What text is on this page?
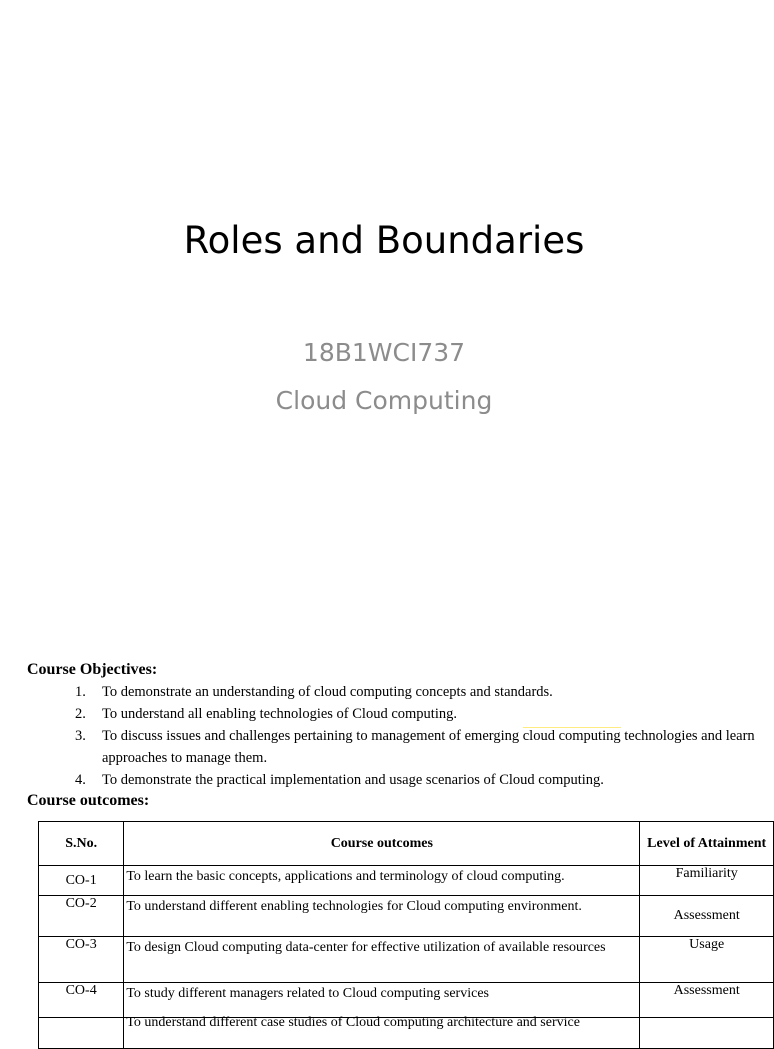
Roles and Boundaries
18B1WCI737
Cloud Computing
Course Objectives:
1. To demonstrate an understanding of cloud computing concepts and standards.
2. To understand all enabling technologies of Cloud computing.
3. To discuss issues and challenges pertaining to management of emerging cloud computing technologies and learn approaches to manage them.
4. To demonstrate the practical implementation and usage scenarios of Cloud computing.
Course outcomes:
S.No.	Course outcomes	Level of Attainment
CO-1	To learn the basic concepts, applications and terminology of cloud computing.	Familiarity
CO-2	To understand different enabling technologies for Cloud computing environment.	Assessment
CO-3	To design Cloud computing data-center for effective utilization of available resources	Usage
CO-4	To study different managers related to Cloud computing services	Assessment

	To understand different case studies of Cloud computing architecture and service	
